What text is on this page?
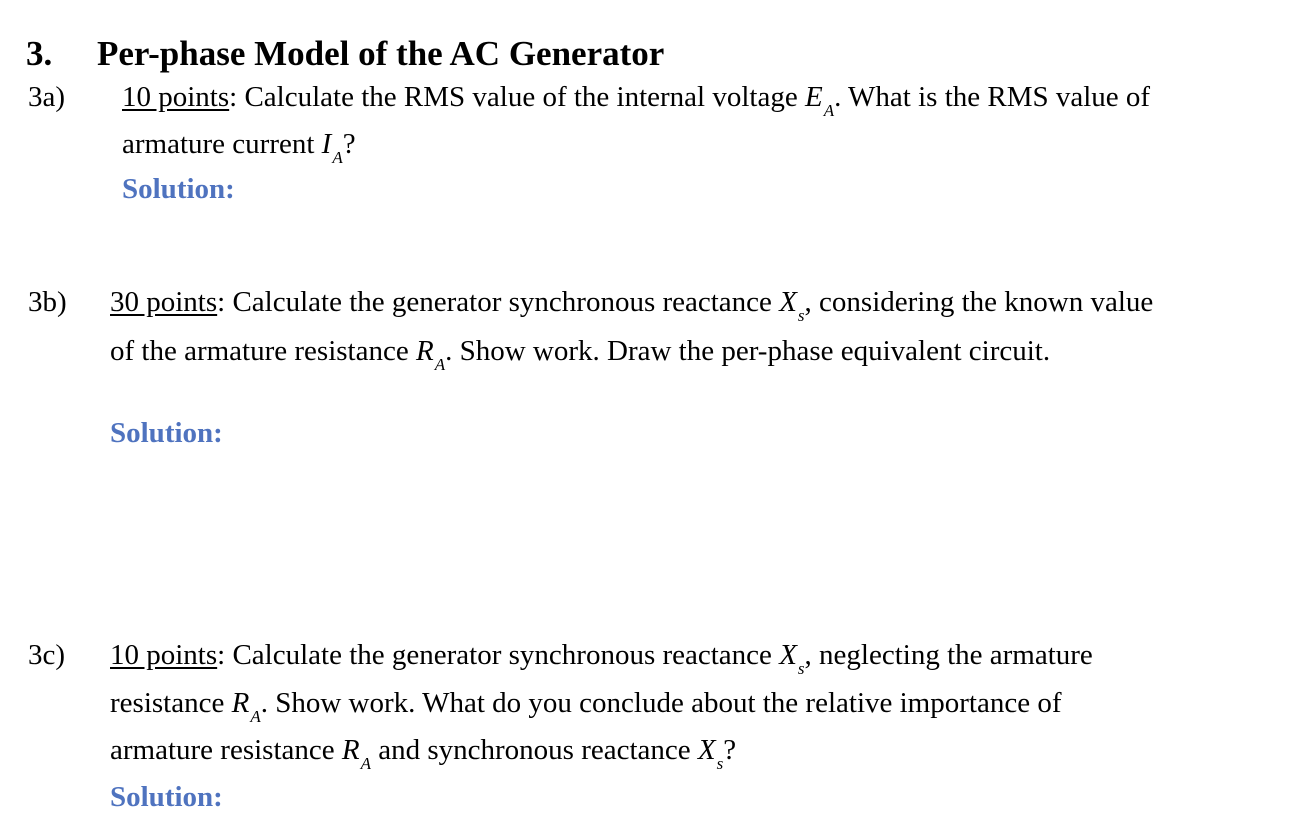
3. Per-phase Model of the AC Generator
3a) 10 points: Calculate the RMS value of the internal voltage $E_A$. What is the RMS value of
armature current $I_A$?
Solution:
3b) 30 points: Calculate the generator synchronous reactance $X_s$, considering the known value
of the armature resistance $R_A$. Show work. Draw the per-phase equivalent circuit.
Solution:
3c) 10 points: Calculate the generator synchronous reactance $X_s$, neglecting the armature
resistance $R_A$. Show work. What do you conclude about the relative importance of
armature resistance $R_A$ and synchronous reactance $X_s$?
Solution:
